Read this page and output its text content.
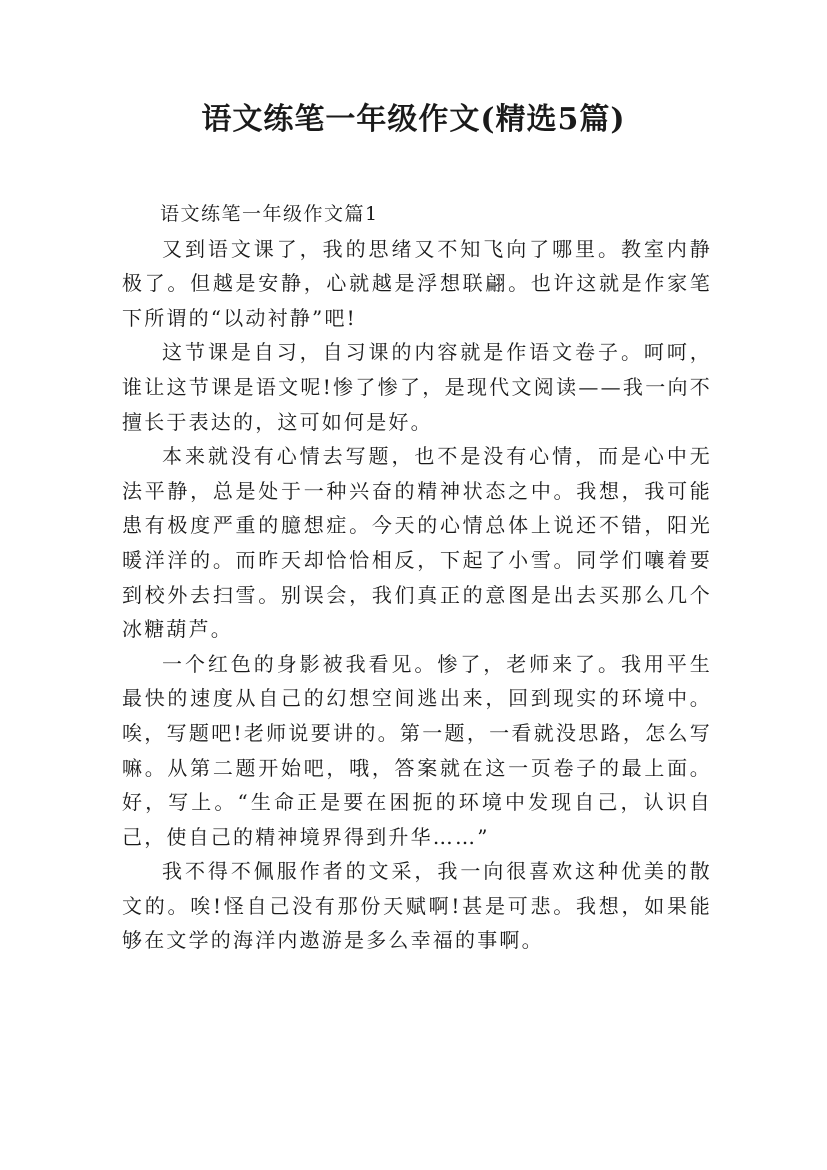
语文练笔一年级作文(精选5篇)

语文练笔一年级作文篇1

又到语文课了，我的思绪又不知飞向了哪里。教室内静极了。但越是安静，心就越是浮想联翩。也许这就是作家笔下所谓的“以动衬静”吧!

这节课是自习，自习课的内容就是作语文卷子。呵呵，谁让这节课是语文呢!惨了惨了，是现代文阅读——我一向不擅长于表达的，这可如何是好。

本来就没有心情去写题，也不是没有心情，而是心中无法平静，总是处于一种兴奋的精神状态之中。我想，我可能患有极度严重的臆想症。今天的心情总体上说还不错，阳光暖洋洋的。而昨天却恰恰相反，下起了小雪。同学们嚷着要到校外去扫雪。别误会，我们真正的意图是出去买那么几个冰糖葫芦。

一个红色的身影被我看见。惨了，老师来了。我用平生最快的速度从自己的幻想空间逃出来，回到现实的环境中。唉，写题吧!老师说要讲的。第一题，一看就没思路，怎么写嘛。从第二题开始吧，哦，答案就在这一页卷子的最上面。好，写上。“生命正是要在困扼的环境中发现自己，认识自己，使自己的精神境界得到升华……”

我不得不佩服作者的文采，我一向很喜欢这种优美的散文的。唉!怪自己没有那份天赋啊!甚是可悲。我想，如果能够在文学的海洋内遨游是多么幸福的事啊。
